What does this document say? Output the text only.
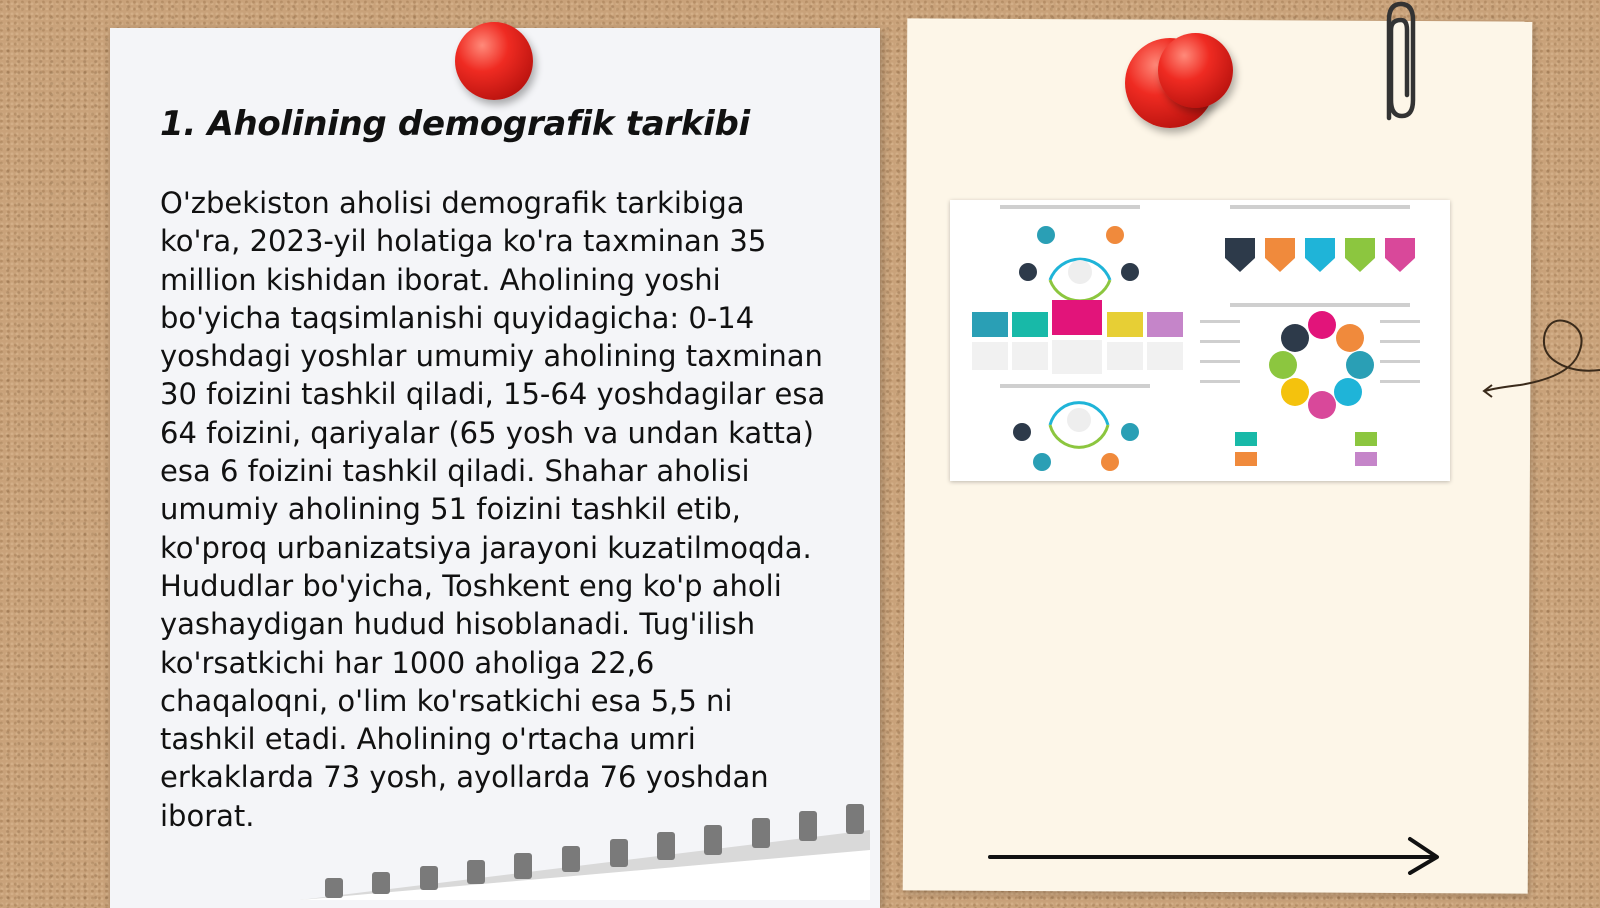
1. Aholining demografik tarkibi

O'zbekiston aholisi demografik tarkibiga ko'ra, 2023-yil holatiga ko'ra taxminan 35 million kishidan iborat. Aholining yoshi bo'yicha taqsimlanishi quyidagicha: 0-14 yoshdagi yoshlar umumiy aholining taxminan 30 foizini tashkil qiladi, 15-64 yoshdagilar esa 64 foizini, qariyalar (65 yosh va undan katta) esa 6 foizini tashkil qiladi. Shahar aholisi umumiy aholining 51 foizini tashkil etib, ko'proq urbanizatsiya jarayoni kuzatilmoqda. Hududlar bo'yicha, Toshkent eng ko'p aholi yashaydigan hudud hisoblanadi. Tug'ilish ko'rsatkichi har 1000 aholiga 22,6 chaqaloqni, o'lim ko'rsatkichi esa 5,5 ni tashkil etadi. Aholining o'rtacha umri erkaklarda 73 yosh, ayollarda 76 yoshdan iborat.
